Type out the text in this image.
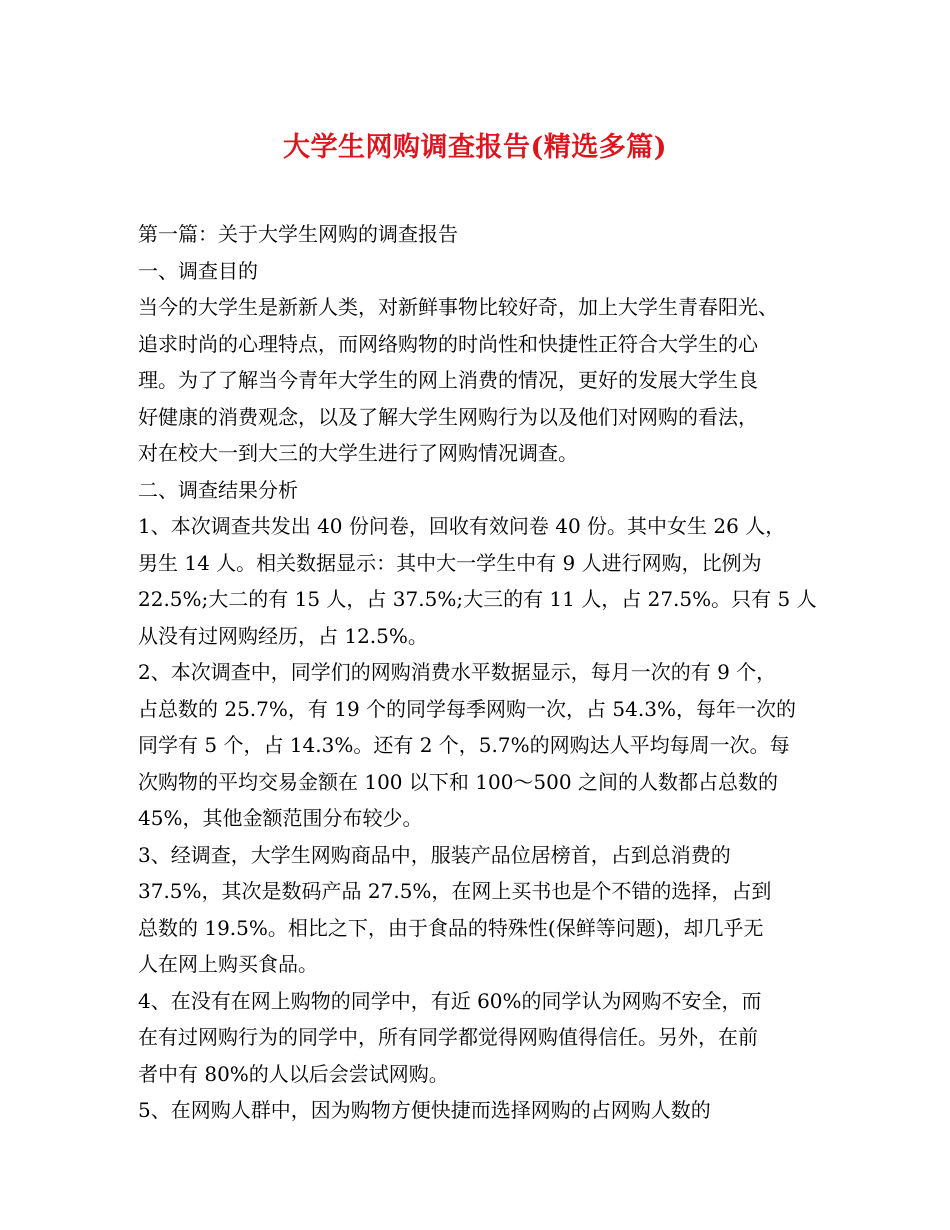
大学生网购调查报告(精选多篇)

第一篇：关于大学生网购的调查报告

一、调查目的

当今的大学生是新新人类，对新鲜事物比较好奇，加上大学生青春阳光、

追求时尚的心理特点，而网络购物的时尚性和快捷性正符合大学生的心

理。为了了解当今青年大学生的网上消费的情况，更好的发展大学生良

好健康的消费观念，以及了解大学生网购行为以及他们对网购的看法，

对在校大一到大三的大学生进行了网购情况调查。

二、调查结果分析

1、本次调查共发出 40 份问卷，回收有效问卷 40 份。其中女生 26 人，

男生 14 人。相关数据显示：其中大一学生中有 9 人进行网购，比例为

22.5%;大二的有 15 人，占 37.5%;大三的有 11 人，占 27.5%。只有 5 人

从没有过网购经历，占 12.5%。

2、本次调查中，同学们的网购消费水平数据显示，每月一次的有 9 个，

占总数的 25.7%，有 19 个的同学每季网购一次，占 54.3%，每年一次的

同学有 5 个，占 14.3%。还有 2 个，5.7%的网购达人平均每周一次。每

次购物的平均交易金额在 100 以下和 100～500 之间的人数都占总数的

45%，其他金额范围分布较少。

3、经调查，大学生网购商品中，服装产品位居榜首，占到总消费的

37.5%，其次是数码产品 27.5%，在网上买书也是个不错的选择，占到

总数的 19.5%。相比之下，由于食品的特殊性(保鲜等问题)，却几乎无

人在网上购买食品。

4、在没有在网上购物的同学中，有近 60%的同学认为网购不安全，而

在有过网购行为的同学中，所有同学都觉得网购值得信任。另外，在前

者中有 80%的人以后会尝试网购。

5、在网购人群中，因为购物方便快捷而选择网购的占网购人数的
